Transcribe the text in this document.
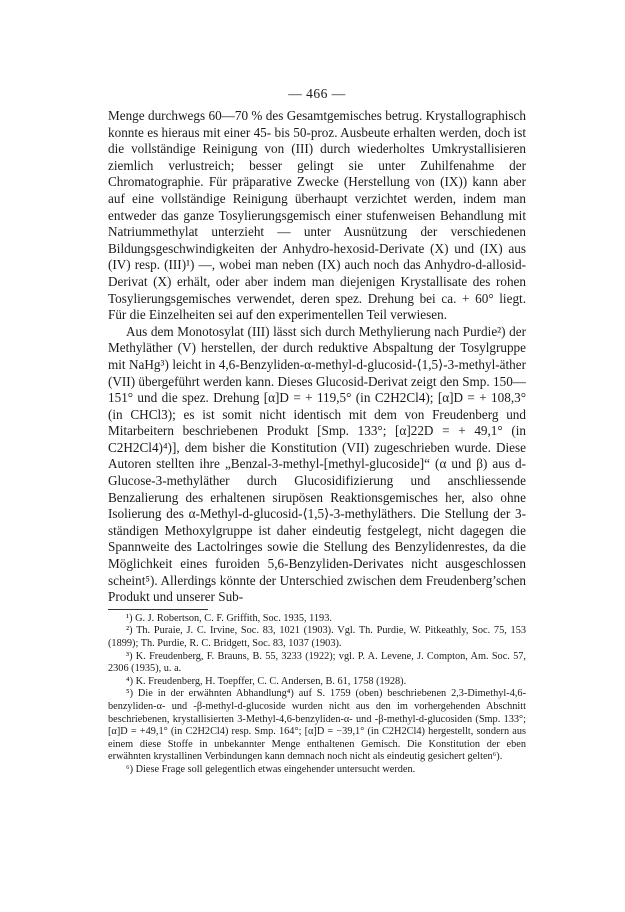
— 466 —

Menge durchwegs 60—70 % des Gesamtgemisches betrug. Krystallographisch konnte es hieraus mit einer 45- bis 50-proz. Ausbeute erhalten werden, doch ist die vollständige Reinigung von (III) durch wiederholtes Umkrystallisieren ziemlich verlustreich; besser gelingt sie unter Zuhilfenahme der Chromatographie. Für präparative Zwecke (Herstellung von (IX)) kann aber auf eine vollständige Reinigung überhaupt verzichtet werden, indem man entweder das ganze Tosylierungsgemisch einer stufenweisen Behandlung mit Natriummethylat unterzieht — unter Ausnützung der verschiedenen Bildungsgeschwindigkeiten der Anhydro-hexosid-Derivate (X) und (IX) aus (IV) resp. (III)¹) —, wobei man neben (IX) auch noch das Anhydro-d-allosid-Derivat (X) erhält, oder aber indem man diejenigen Krystallisate des rohen Tosylierungsgemisches verwendet, deren spez. Drehung bei ca. + 60° liegt. Für die Einzelheiten sei auf den experimentellen Teil verwiesen.

Aus dem Monotosylat (III) lässt sich durch Methylierung nach Purdie²) der Methyläther (V) herstellen, der durch reduktive Abspaltung der Tosylgruppe mit NaHg³) leicht in 4,6-Benzyliden-α-methyl-d-glucosid-⟨1,5⟩-3-methyl-äther (VII) übergeführt werden kann. Dieses Glucosid-Derivat zeigt den Smp. 150—151° und die spez. Drehung [α]D = + 119,5° (in C2H2Cl4); [α]D = + 108,3° (in CHCl3); es ist somit nicht identisch mit dem von Freudenberg und Mitarbeitern beschriebenen Produkt [Smp. 133°; [α]22D = + 49,1° (in C2H2Cl4)⁴)], dem bisher die Konstitution (VII) zugeschrieben wurde. Diese Autoren stellten ihre „Benzal-3-methyl-[methyl-glucoside]“ (α und β) aus d-Glucose-3-methyläther durch Glucosidifizierung und anschliessende Benzalierung des erhaltenen sirupösen Reaktionsgemisches her, also ohne Isolierung des α-Methyl-d-glucosid-⟨1,5⟩-3-methyläthers. Die Stellung der 3-ständigen Methoxylgruppe ist daher eindeutig festgelegt, nicht dagegen die Spannweite des Lactolringes sowie die Stellung des Benzylidenrestes, da die Möglichkeit eines furoiden 5,6-Benzyliden-Derivates nicht ausgeschlossen scheint⁵). Allerdings könnte der Unterschied zwischen dem Freudenberg’schen Produkt und unserer Sub-

¹) G. J. Robertson, C. F. Griffith, Soc. 1935, 1193.

²) Th. Puraie, J. C. Irvine, Soc. 83, 1021 (1903). Vgl. Th. Purdie, W. Pitkeathly, Soc. 75, 153 (1899); Th. Purdie, R. C. Bridgett, Soc. 83, 1037 (1903).

³) K. Freudenberg, F. Brauns, B. 55, 3233 (1922); vgl. P. A. Levene, J. Compton, Am. Soc. 57, 2306 (1935), u. a.

⁴) K. Freudenberg, H. Toepffer, C. C. Andersen, B. 61, 1758 (1928).

⁵) Die in der erwähnten Abhandlung⁴) auf S. 1759 (oben) beschriebenen 2,3-Dimethyl-4,6-benzyliden-α- und -β-methyl-d-glucoside wurden nicht aus den im vorhergehenden Abschnitt beschriebenen, krystallisierten 3-Methyl-4,6-benzyliden-α- und -β-methyl-d-glucosiden (Smp. 133°; [α]D = +49,1° (in C2H2Cl4) resp. Smp. 164°; [α]D = −39,1° (in C2H2Cl4) hergestellt, sondern aus einem diese Stoffe in unbekannter Menge enthaltenen Gemisch. Die Konstitution der eben erwähnten krystallinen Verbindungen kann demnach noch nicht als eindeutig gesichert gelten⁶).

⁶) Diese Frage soll gelegentlich etwas eingehender untersucht werden.
